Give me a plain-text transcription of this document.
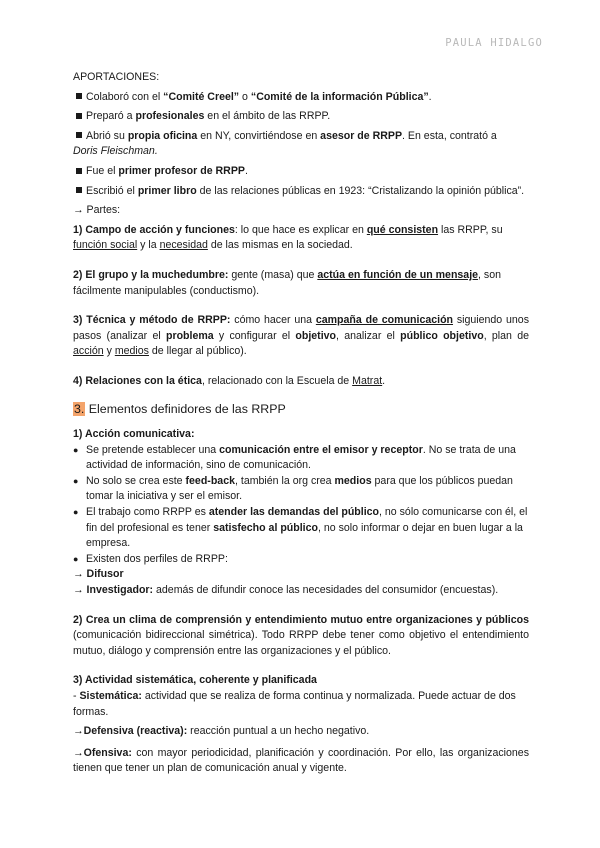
PAULA HIDALGO

APORTACIONES:

Colaboró con el “Comité Creel” o “Comité de la información Pública”.

Preparó a profesionales en el ámbito de las RRPP.

Abrió su propia oficina en NY, convirtiéndose en asesor de RRPP. En esta, contrató a
Doris Fleischman.

Fue el primer profesor de RRPP.

Escribió el primer libro de las relaciones públicas en 1923: “Cristalizando la opinión pública”.

→ Partes:

1) Campo de acción y funciones: lo que hace es explicar en qué consisten las RRPP, su función social y la necesidad de las mismas en la sociedad.

2) El grupo y la muchedumbre: gente (masa) que actúa en función de un mensaje, son fácilmente manipulables (conductismo).

3) Técnica y método de RRPP: cómo hacer una campaña de comunicación siguiendo unos pasos (analizar el problema y configurar el objetivo, analizar el público objetivo, plan de acción y medios de llegar al público).

4) Relaciones con la ética, relacionado con la Escuela de Matrat.

3. Elementos definidores de las RRPP

1) Acción comunicativa:

● Se pretende establecer una comunicación entre el emisor y receptor. No se trata de una actividad de información, sino de comunicación.
● No solo se crea este feed-back, también la org crea medios para que los públicos puedan tomar la iniciativa y ser el emisor.
● El trabajo como RRPP es atender las demandas del público, no sólo comunicarse con él, el fin del profesional es tener satisfecho al público, no solo informar o dejar en buen lugar a la empresa.
● Existen dos perfiles de RRPP:

→ Difusor

→ Investigador: además de difundir conoce las necesidades del consumidor (encuestas).

2) Crea un clima de comprensión y entendimiento mutuo entre organizaciones y públicos (comunicación bidireccional simétrica). Todo RRPP debe tener como objetivo el entendimiento mutuo, diálogo y comprensión entre las organizaciones y el público.

3) Actividad sistemática, coherente y planificada

- Sistemática: actividad que se realiza de forma continua y normalizada. Puede actuar de dos formas.

→Defensiva (reactiva): reacción puntual a un hecho negativo.

→Ofensiva: con mayor periodicidad, planificación y coordinación. Por ello, las organizaciones tienen que tener un plan de comunicación anual y vigente.
